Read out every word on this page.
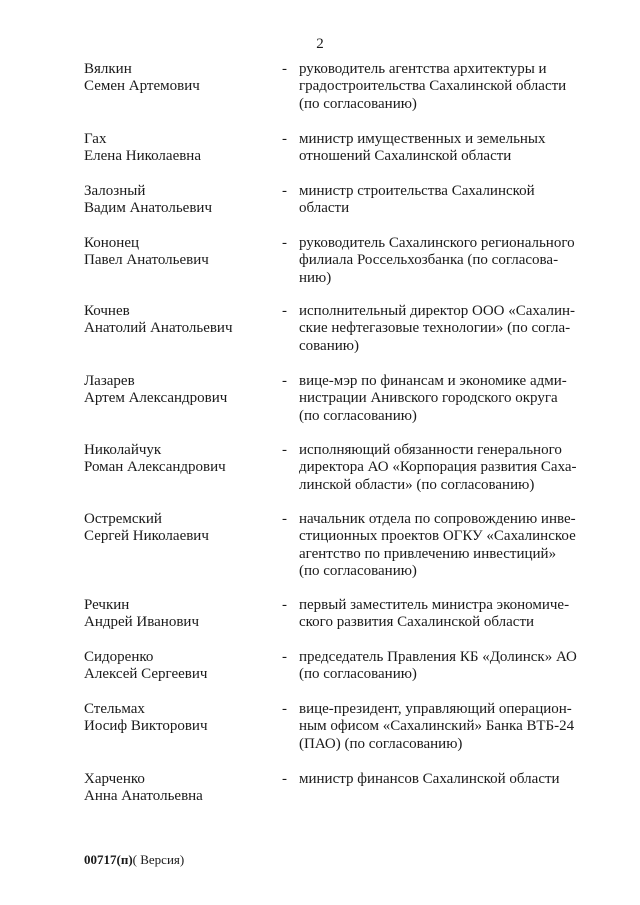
2
Вялкин
Семен Артемович
- руководитель агентства архитектуры и
градостроительства Сахалинской области
(по согласованию)
Гах
Елена Николаевна
- министр имущественных и земельных
отношений Сахалинской области
Залозный
Вадим Анатольевич
- министр строительства Сахалинской
области
Кононец
Павел Анатольевич
- руководитель Сахалинского регионального
филиала Россельхозбанка (по согласова-
нию)
Кочнев
Анатолий Анатольевич
- исполнительный директор ООО «Сахалин-
ские нефтегазовые технологии» (по согла-
сованию)
Лазарев
Артем Александрович
- вице-мэр по финансам и экономике адми-
нистрации Анивского городского округа
(по согласованию)
Николайчук
Роман Александрович
- исполняющий обязанности генерального
директора АО «Корпорация развития Саха-
линской области» (по согласованию)
Остремский
Сергей Николаевич
- начальник отдела по сопровождению инве-
стиционных проектов ОГКУ «Сахалинское
агентство по привлечению инвестиций»
(по согласованию)
Речкин
Андрей Иванович
- первый заместитель министра экономиче-
ского развития Сахалинской области
Сидоренко
Алексей Сергеевич
- председатель Правления КБ «Долинск» АО
(по согласованию)
Стельмах
Иосиф Викторович
- вице-президент, управляющий операцион-
ным офисом «Сахалинский» Банка ВТБ-24
(ПАО) (по согласованию)
Харченко
Анна Анатольевна
- министр финансов Сахалинской области
00717(п)( Версия)
